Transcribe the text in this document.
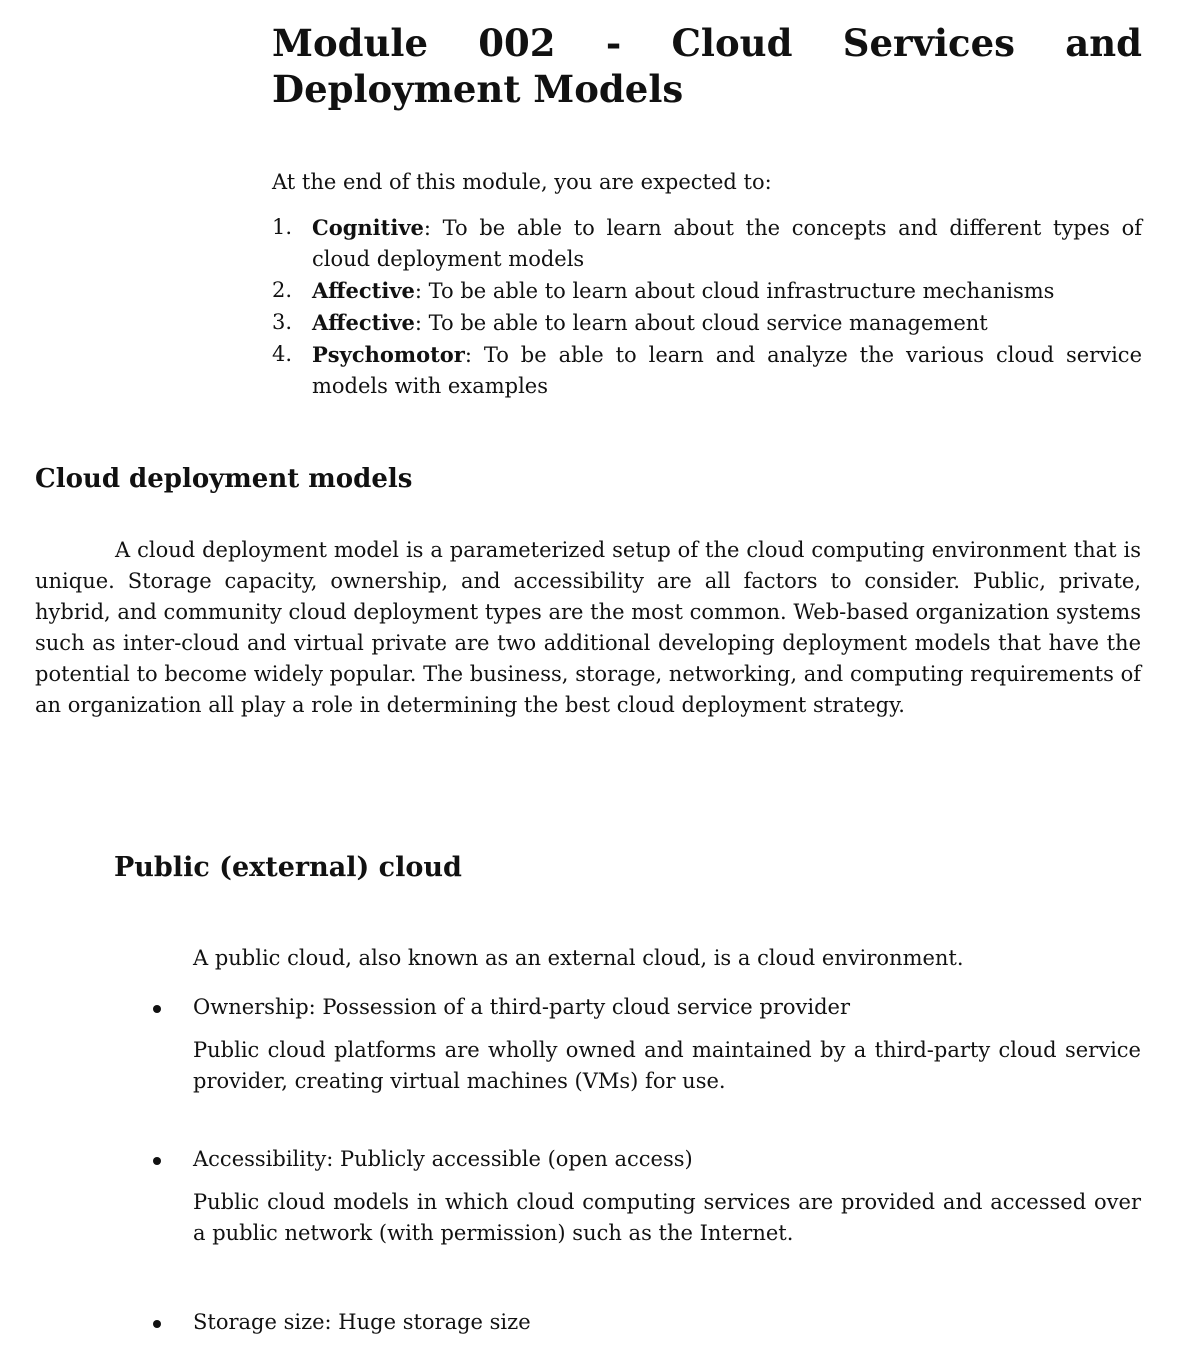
Module 002 - Cloud Services and Deployment Models

At the end of this module, you are expected to:

1. Cognitive: To be able to learn about the concepts and different types of cloud deployment models
2. Affective: To be able to learn about cloud infrastructure mechanisms
3. Affective: To be able to learn about cloud service management
4. Psychomotor: To be able to learn and analyze the various cloud service models with examples
Cloud deployment models

A cloud deployment model is a parameterized setup of the cloud computing environment that is unique. Storage capacity, ownership, and accessibility are all factors to consider. Public, private, hybrid, and community cloud deployment types are the most common. Web-based organization systems such as inter-cloud and virtual private are two additional developing deployment models that have the potential to become widely popular. The business, storage, networking, and computing requirements of an organization all play a role in determining the best cloud deployment strategy.

Public (external) cloud

A public cloud, also known as an external cloud, is a cloud environment.

Ownership: Possession of a third-party cloud service provider

Public cloud platforms are wholly owned and maintained by a third-party cloud service provider, creating virtual machines (VMs) for use.

Accessibility: Publicly accessible (open access)

Public cloud models in which cloud computing services are provided and accessed over a public network (with permission) such as the Internet.

Storage size: Huge storage size
